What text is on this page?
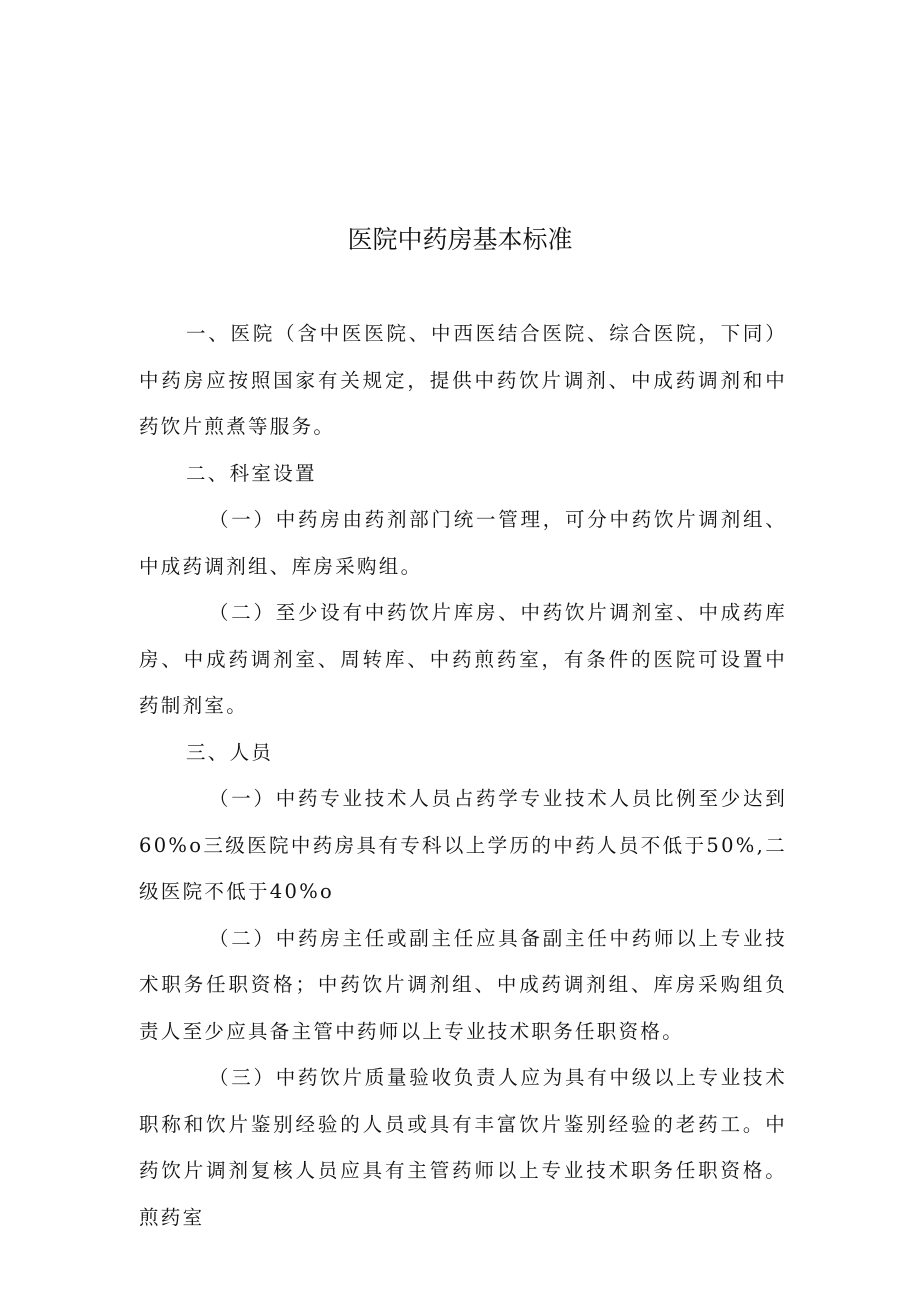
医院中药房基本标准

一、医院（含中医医院、中西医结合医院、综合医院，下同）中药房应按照国家有关规定，提供中药饮片调剂、中成药调剂和中药饮片煎煮等服务。

二、科室设置

（一）中药房由药剂部门统一管理，可分中药饮片调剂组、中成药调剂组、库房采购组。

（二）至少设有中药饮片库房、中药饮片调剂室、中成药库房、中成药调剂室、周转库、中药煎药室，有条件的医院可设置中药制剂室。

三、人员

（一）中药专业技术人员占药学专业技术人员比例至少达到60%o三级医院中药房具有专科以上学历的中药人员不低于50%,二级医院不低于40%o

（二）中药房主任或副主任应具备副主任中药师以上专业技术职务任职资格；中药饮片调剂组、中成药调剂组、库房采购组负责人至少应具备主管中药师以上专业技术职务任职资格。

（三）中药饮片质量验收负责人应为具有中级以上专业技术职称和饮片鉴别经验的人员或具有丰富饮片鉴别经验的老药工。中药饮片调剂复核人员应具有主管药师以上专业技术职务任职资格。煎药室
